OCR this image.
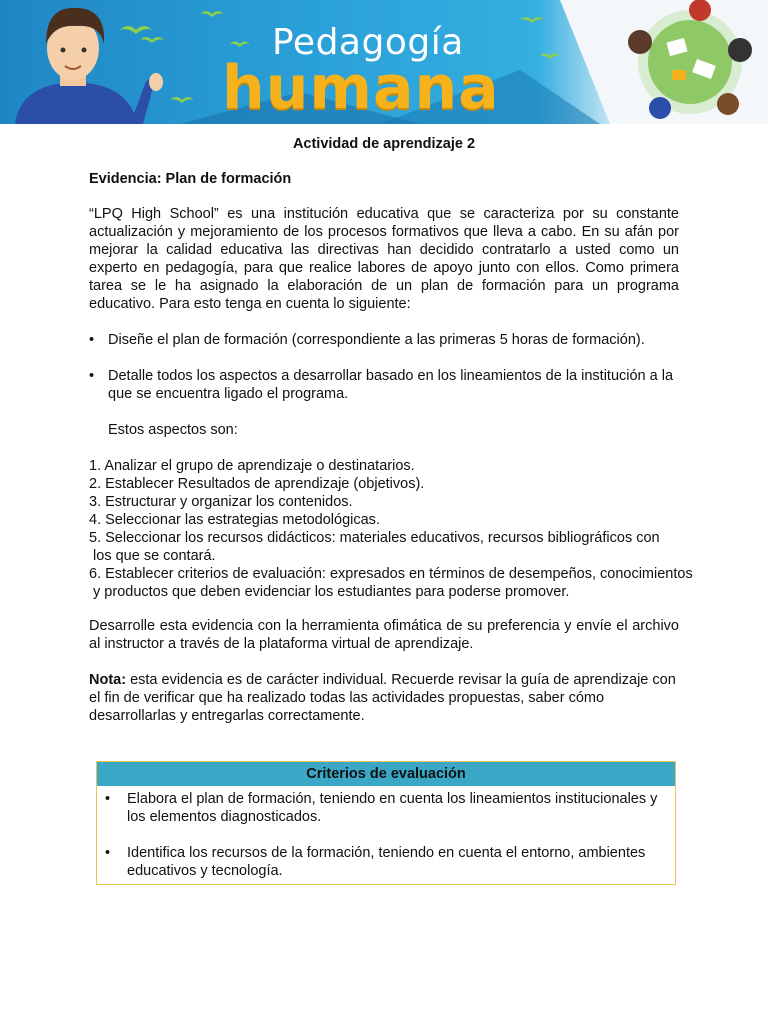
Pedagogía
humana
Actividad de aprendizaje 2
Evidencia: Plan de formación
“LPQ High School” es una institución educativa que se caracteriza por su constante actualización y mejoramiento de los procesos formativos que lleva a cabo. En su afán por mejorar la calidad educativa las directivas han decidido contratarlo a usted como un experto en pedagogía, para que realice labores de apoyo junto con ellos. Como primera tarea se le ha asignado la elaboración de un plan de formación para un programa educativo. Para esto tenga en cuenta lo siguiente:
• Diseñe el plan de formación (correspondiente a las primeras 5 horas de formación).
• Detalle todos los aspectos a desarrollar basado en los lineamientos de la institución a la que se encuentra ligado el programa.
Estos aspectos son:
1. Analizar el grupo de aprendizaje o destinatarios.
2. Establecer Resultados de aprendizaje (objetivos).
3. Estructurar y organizar los contenidos.
4. Seleccionar las estrategias metodológicas.
5. Seleccionar los recursos didácticos: materiales educativos, recursos bibliográficos con
los que se contará.
6. Establecer criterios de evaluación: expresados en términos de desempeños, conocimientos
y productos que deben evidenciar los estudiantes para poderse promover.
Desarrolle esta evidencia con la herramienta ofimática de su preferencia y envíe el archivo al instructor a través de la plataforma virtual de aprendizaje.
Nota: esta evidencia es de carácter individual. Recuerde revisar la guía de aprendizaje con el fin de verificar que ha realizado todas las actividades propuestas, saber cómo desarrollarlas y entregarlas correctamente.
Criterios de evaluación
• Elabora el plan de formación, teniendo en cuenta los lineamientos institucionales y los elementos diagnosticados.
• Identifica los recursos de la formación, teniendo en cuenta el entorno, ambientes educativos y tecnología.
